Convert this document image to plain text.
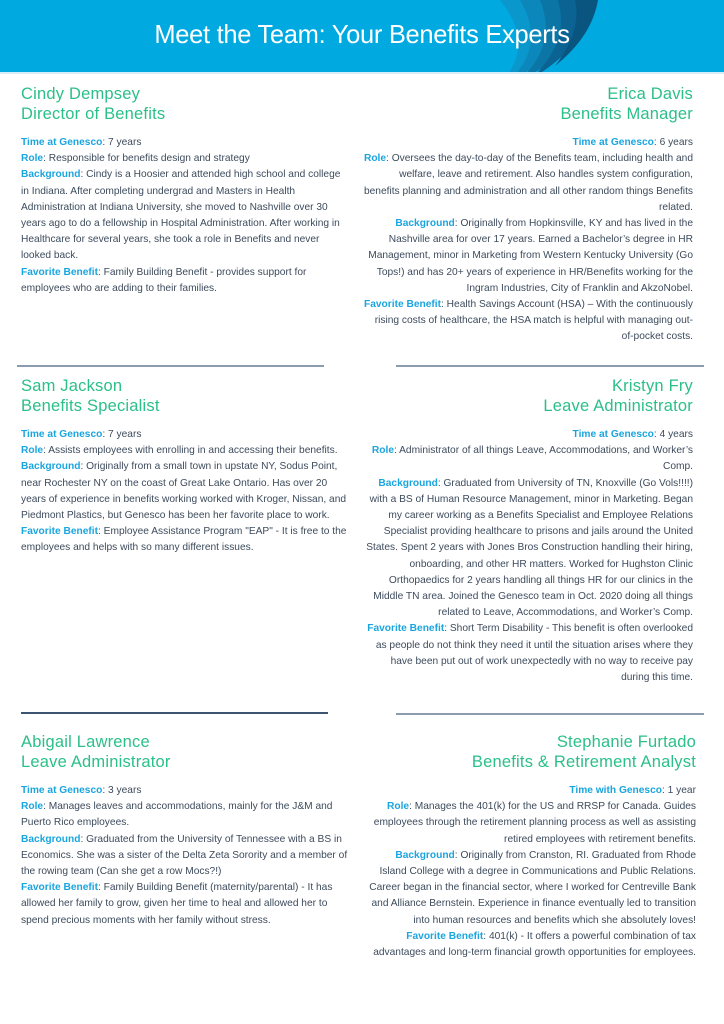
Meet the Team: Your Benefits Experts
Cindy Dempsey
Director of Benefits
Time at Genesco: 7 years
Role: Responsible for benefits design and strategy
Background: Cindy is a Hoosier and attended high school and college in Indiana. After completing undergrad and Masters in Health Administration at Indiana University, she moved to Nashville over 30 years ago to do a fellowship in Hospital Administration. After working in Healthcare for several years, she took a role in Benefits and never looked back.
Favorite Benefit: Family Building Benefit - provides support for employees who are adding to their families.
Erica Davis
Benefits Manager
Time at Genesco: 6 years
Role: Oversees the day-to-day of the Benefits team, including health and welfare, leave and retirement. Also handles system configuration, benefits planning and administration and all other random things Benefits related.
Background: Originally from Hopkinsville, KY and has lived in the Nashville area for over 17 years. Earned a Bachelor’s degree in HR Management, minor in Marketing from Western Kentucky University (Go Tops!) and has 20+ years of experience in HR/Benefits working for the Ingram Industries, City of Franklin and AkzoNobel.
Favorite Benefit: Health Savings Account (HSA) – With the continuously rising costs of healthcare, the HSA match is helpful with managing out-of-pocket costs.
Sam Jackson
Benefits Specialist
Time at Genesco: 7 years
Role: Assists employees with enrolling in and accessing their benefits.
Background: Originally from a small town in upstate NY, Sodus Point, near Rochester NY on the coast of Great Lake Ontario. Has over 20 years of experience in benefits working worked with Kroger, Nissan, and Piedmont Plastics, but Genesco has been her favorite place to work.
Favorite Benefit: Employee Assistance Program "EAP" - It is free to the employees and helps with so many different issues.
Kristyn Fry
Leave Administrator
Time at Genesco: 4 years
Role: Administrator of all things Leave, Accommodations, and Worker’s Comp.
Background: Graduated from University of TN, Knoxville (Go Vols!!!!) with a BS of Human Resource Management, minor in Marketing. Began my career working as a Benefits Specialist and Employee Relations Specialist providing healthcare to prisons and jails around the United States. Spent 2 years with Jones Bros Construction handling their hiring, onboarding, and other HR matters. Worked for Hughston Clinic Orthopaedics for 2 years handling all things HR for our clinics in the Middle TN area. Joined the Genesco team in Oct. 2020 doing all things related to Leave, Accommodations, and Worker’s Comp.
Favorite Benefit: Short Term Disability - This benefit is often overlooked as people do not think they need it until the situation arises where they have been put out of work unexpectedly with no way to receive pay during this time.
Abigail Lawrence
Leave Administrator
Time at Genesco: 3 years
Role: Manages leaves and accommodations, mainly for the J&M and Puerto Rico employees.
Background: Graduated from the University of Tennessee with a BS in Economics. She was a sister of the Delta Zeta Sorority and a member of the rowing team (Can she get a row Mocs?!)
Favorite Benefit: Family Building Benefit (maternity/parental) - It has allowed her family to grow, given her time to heal and allowed her to spend precious moments with her family without stress.
Stephanie Furtado
Benefits & Retirement Analyst
Time with Genesco: 1 year
Role: Manages the 401(k) for the US and RRSP for Canada. Guides employees through the retirement planning process as well as assisting retired employees with retirement benefits.
Background: Originally from Cranston, RI. Graduated from Rhode Island College with a degree in Communications and Public Relations. Career began in the financial sector, where I worked for Centreville Bank and Alliance Bernstein. Experience in finance eventually led to transition into human resources and benefits which she absolutely loves!
Favorite Benefit: 401(k) - It offers a powerful combination of tax advantages and long-term financial growth opportunities for employees.
